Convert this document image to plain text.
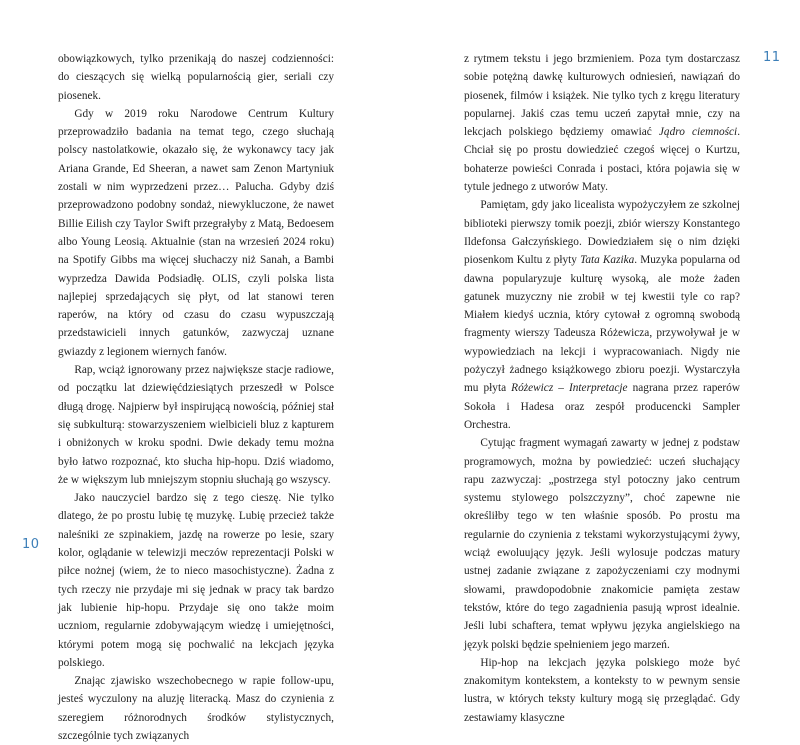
10
11

obowiązkowych, tylko przenikają do naszej codzienności: do cieszących się wielką popularnością gier, seriali czy piosenek.

Gdy w 2019 roku Narodowe Centrum Kultury przeprowadziło badania na temat tego, czego słuchają polscy nastolatkowie, okazało się, że wykonawcy tacy jak Ariana Grande, Ed Sheeran, a nawet sam Zenon Martyniuk zostali w nim wyprzedzeni przez… Palucha. Gdyby dziś przeprowadzono podobny sondaż, niewykluczone, że nawet Billie Eilish czy Taylor Swift przegrałyby z Matą, Bedoesem albo Young Leosią. Aktualnie (stan na wrzesień 2024 roku) na Spotify Gibbs ma więcej słuchaczy niż Sanah, a Bambi wyprzedza Dawida Podsiadłę. OLIS, czyli polska lista najlepiej sprzedających się płyt, od lat stanowi teren raperów, na który od czasu do czasu wypuszczają przedstawicieli innych gatunków, zazwyczaj uznane gwiazdy z legionem wiernych fanów.

Rap, wciąż ignorowany przez największe stacje radiowe, od początku lat dziewięćdziesiątych przeszedł w Polsce długą drogę. Najpierw był inspirującą nowością, później stał się subkulturą: stowarzyszeniem wielbicieli bluz z kapturem i obniżonych w kroku spodni. Dwie dekady temu można było łatwo rozpoznać, kto słucha hip-hopu. Dziś wiadomo, że w większym lub mniejszym stopniu słuchają go wszyscy.

Jako nauczyciel bardzo się z tego cieszę. Nie tylko dlatego, że po prostu lubię tę muzykę. Lubię przecież także naleśniki ze szpinakiem, jazdę na rowerze po lesie, szary kolor, oglądanie w telewizji meczów reprezentacji Polski w piłce nożnej (wiem, że to nieco masochistyczne). Żadna z tych rzeczy nie przydaje mi się jednak w pracy tak bardzo jak lubienie hip-hopu. Przydaje się ono także moim uczniom, regularnie zdobywającym wiedzę i umiejętności, którymi potem mogą się pochwalić na lekcjach języka polskiego.

Znając zjawisko wszechobecnego w rapie follow-upu, jesteś wyczulony na aluzję literacką. Masz do czynienia z szeregiem różnorodnych środków stylistycznych, szczególnie tych związanych

z rytmem tekstu i jego brzmieniem. Poza tym dostarczasz sobie potężną dawkę kulturowych odniesień, nawiązań do piosenek, filmów i książek. Nie tylko tych z kręgu literatury popularnej. Jakiś czas temu uczeń zapytał mnie, czy na lekcjach polskiego będziemy omawiać Jądro ciemności. Chciał się po prostu dowiedzieć czegoś więcej o Kurtzu, bohaterze powieści Conrada i postaci, która pojawia się w tytule jednego z utworów Maty.

Pamiętam, gdy jako licealista wypożyczyłem ze szkolnej biblioteki pierwszy tomik poezji, zbiór wierszy Konstantego Ildefonsa Gałczyńskiego. Dowiedziałem się o nim dzięki piosenkom Kultu z płyty Tata Kazika. Muzyka popularna od dawna popularyzuje kulturę wysoką, ale może żaden gatunek muzyczny nie zrobił w tej kwestii tyle co rap? Miałem kiedyś ucznia, który cytował z ogromną swobodą fragmenty wierszy Tadeusza Różewicza, przywoływał je w wypowiedziach na lekcji i wypracowaniach. Nigdy nie pożyczył żadnego książkowego zbioru poezji. Wystarczyła mu płyta Różewicz – Interpretacje nagrana przez raperów Sokoła i Hadesa oraz zespół producencki Sampler Orchestra.

Cytując fragment wymagań zawarty w jednej z podstaw programowych, można by powiedzieć: uczeń słuchający rapu zazwyczaj: „postrzega styl potoczny jako centrum systemu stylowego polszczyzny”, choć zapewne nie określiłby tego w ten właśnie sposób. Po prostu ma regularnie do czynienia z tekstami wykorzystującymi żywy, wciąż ewoluujący język. Jeśli wylosuje podczas matury ustnej zadanie związane z zapożyczeniami czy modnymi słowami, prawdopodobnie znakomicie pamięta zestaw tekstów, które do tego zagadnienia pasują wprost idealnie. Jeśli lubi schaftera, temat wpływu języka angielskiego na język polski będzie spełnieniem jego marzeń.

Hip-hop na lekcjach języka polskiego może być znakomitym kontekstem, a konteksty to w pewnym sensie lustra, w których teksty kultury mogą się przeglądać. Gdy zestawiamy klasyczne
